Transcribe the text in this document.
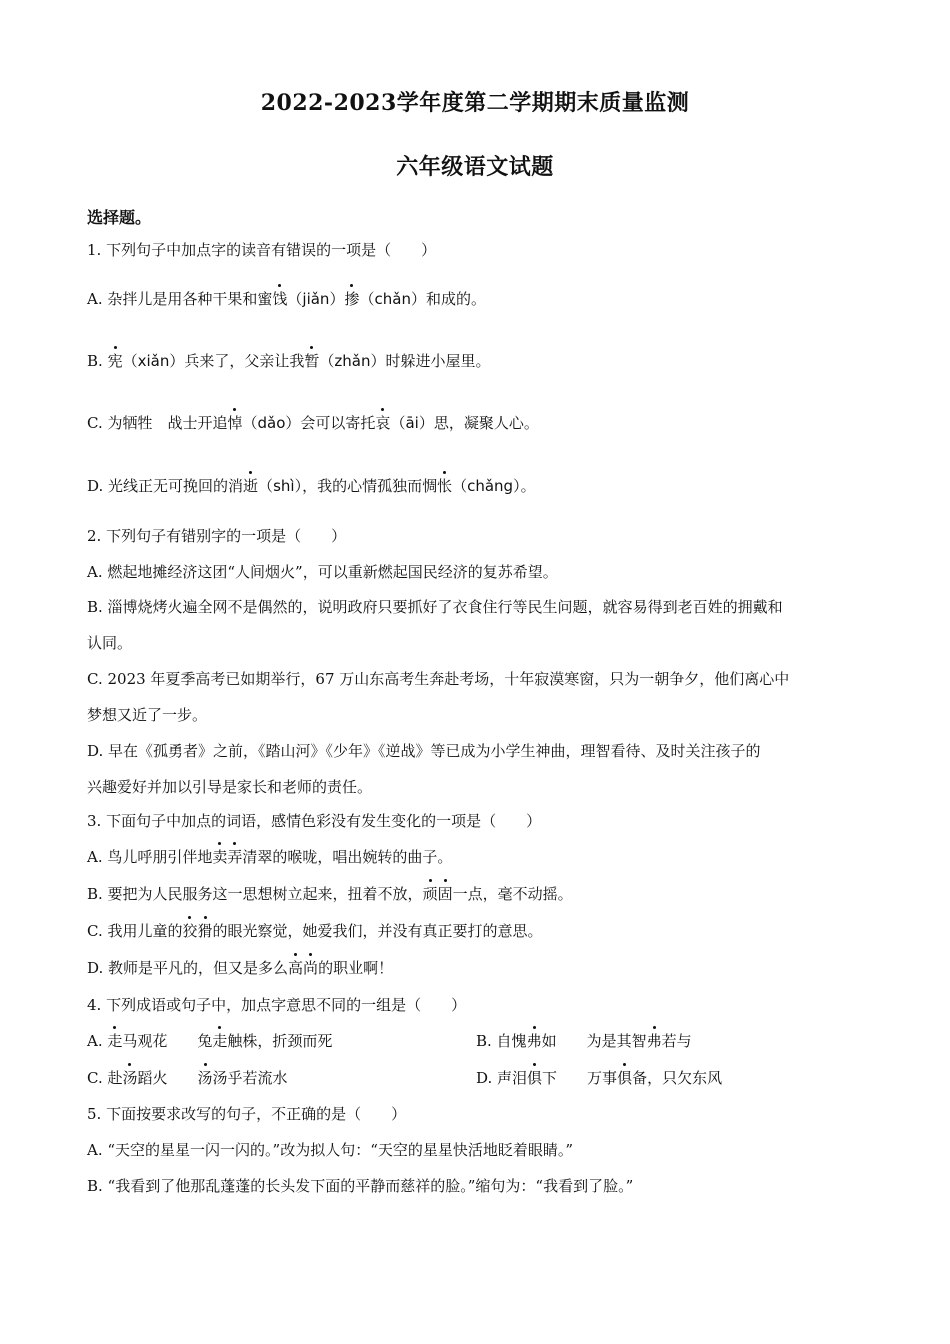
2022-2023学年度第二学期期末质量监测
六年级语文试题
选择题。
1. 下列句子中加点字的读音有错误的一项是（　　）
A. 杂拌儿是用各种干果和蜜饯（jiǎn）掺（chǎn）和成的。
B. 宪（xiǎn）兵来了，父亲让我暂（zhǎn）时躲进小屋里。
C. 为牺牲　战士开追悼（dǎo）会可以寄托哀（āi）思，凝聚人心。
D. 光线正无可挽回的消逝（shì），我的心情孤独而惆怅（chǎng）。
2. 下列句子有错别字的一项是（　　）
A. 燃起地摊经济这团“人间烟火”，可以重新燃起国民经济的复苏希望。
B. 淄博烧烤火遍全网不是偶然的，说明政府只要抓好了衣食住行等民生问题，就容易得到老百姓的拥戴和
认同。
C. 2023 年夏季高考已如期举行，67 万山东高考生奔赴考场，十年寂漠寒窗，只为一朝争夕，他们离心中
梦想又近了一步。
D. 早在《孤勇者》之前，《踏山河》《少年》《逆战》等已成为小学生神曲，理智看待、及时关注孩子的
兴趣爱好并加以引导是家长和老师的责任。
3. 下面句子中加点的词语，感情色彩没有发生变化的一项是（　　）
A. 鸟儿呼朋引伴地卖弄清翠的喉咙，唱出婉转的曲子。
B. 要把为人民服务这一思想树立起来，扭着不放，顽固一点，毫不动摇。
C. 我用儿童的狡猾的眼光察觉，她爱我们，并没有真正要打的意思。
D. 教师是平凡的，但又是多么高尚的职业啊！
4. 下列成语或句子中，加点字意思不同的一组是（　　）
A. 走马观花　　兔走触株，折颈而死	B. 自愧弗如　　为是其智弗若与
C. 赴汤蹈火　　汤汤乎若流水	D. 声泪俱下　　万事俱备，只欠东风
5. 下面按要求改写的句子，不正确的是（　　）
A. “天空的星星一闪一闪的。”改为拟人句：“天空的星星快活地眨着眼睛。”
B. “我看到了他那乱蓬蓬的长头发下面的平静而慈祥的脸。”缩句为：“我看到了脸。”
